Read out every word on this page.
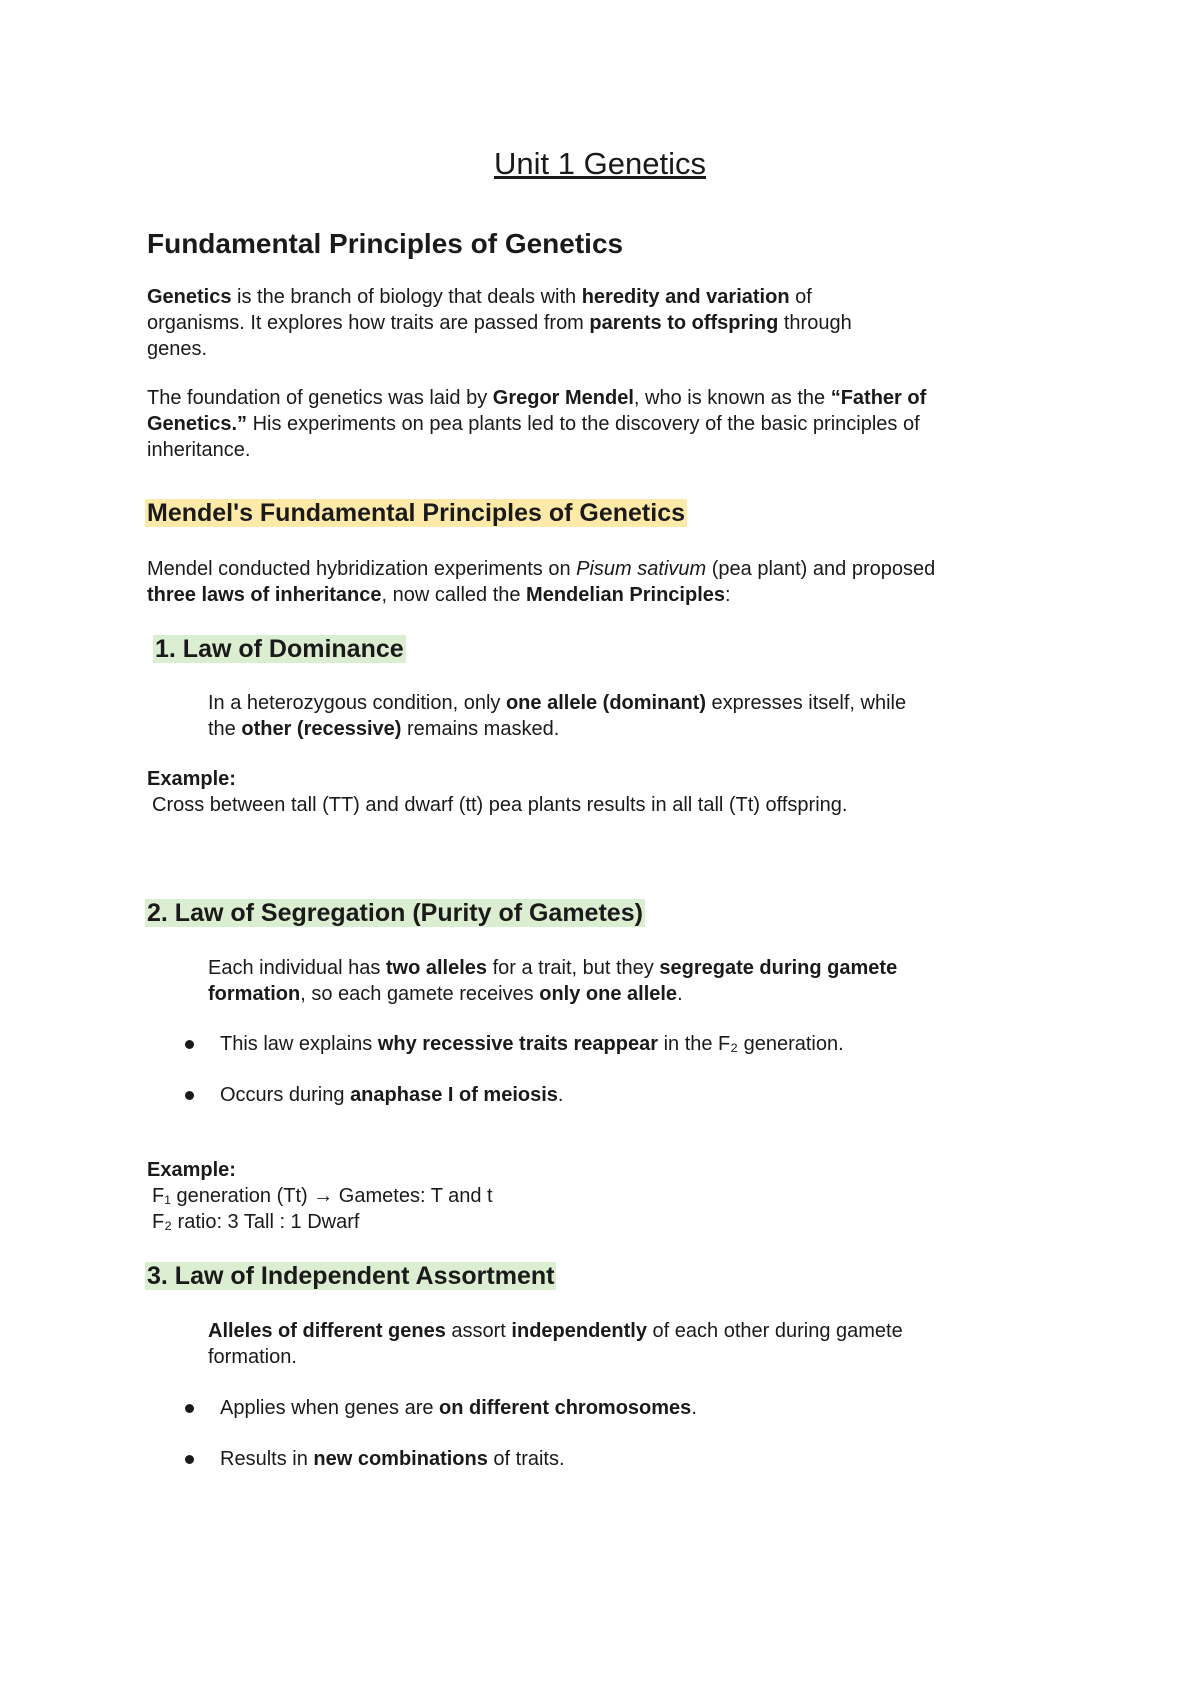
Unit 1 Genetics
Fundamental Principles of Genetics
Genetics is the branch of biology that deals with heredity and variation of
organisms. It explores how traits are passed from parents to offspring through
genes.
The foundation of genetics was laid by Gregor Mendel, who is known as the “Father of
Genetics.” His experiments on pea plants led to the discovery of the basic principles of
inheritance.
Mendel's Fundamental Principles of Genetics
Mendel conducted hybridization experiments on Pisum sativum (pea plant) and proposed
three laws of inheritance, now called the Mendelian Principles:
1. Law of Dominance
In a heterozygous condition, only one allele (dominant) expresses itself, while
the other (recessive) remains masked.
Example:
Cross between tall (TT) and dwarf (tt) pea plants results in all tall (Tt) offspring.
2. Law of Segregation (Purity of Gametes)
Each individual has two alleles for a trait, but they segregate during gamete
formation, so each gamete receives only one allele.
This law explains why recessive traits reappear in the F₂ generation.
Occurs during anaphase I of meiosis.
Example:
F₁ generation (Tt) → Gametes: T and t
F₂ ratio: 3 Tall : 1 Dwarf
3. Law of Independent Assortment
Alleles of different genes assort independently of each other during gamete
formation.
Applies when genes are on different chromosomes.
Results in new combinations of traits.
